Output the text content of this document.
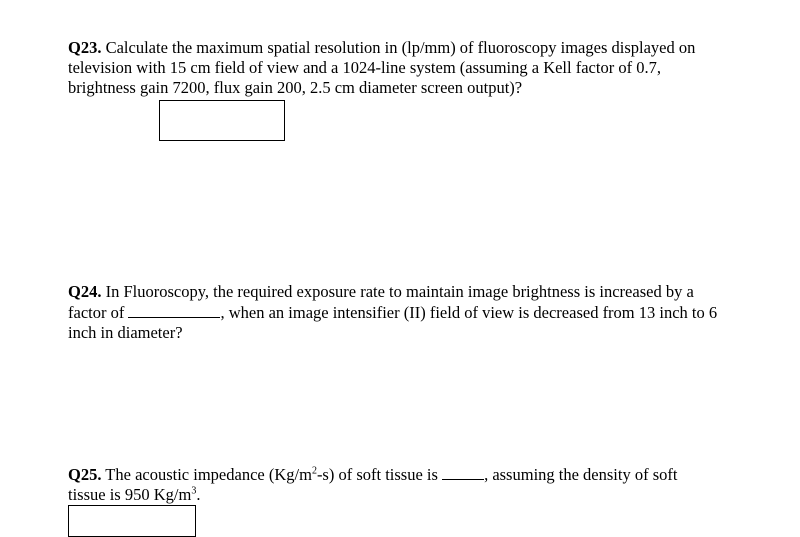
Q23. Calculate the maximum spatial resolution in (lp/mm) of fluoroscopy images displayed on

television with 15 cm field of view and a 1024-line system (assuming a Kell factor of 0.7,

brightness gain 7200, flux gain 200, 2.5 cm diameter screen output)?

Q24. In Fluoroscopy, the required exposure rate to maintain image brightness is increased by a

factor of	, when an image intensifier (II) field of view is decreased from 13 inch to 6

inch in diameter?

Q25. The acoustic impedance $(Kg/m^2-s)$ of soft tissue is	, assuming the density of soft

tissue is 950 $Kg/m^3$.
